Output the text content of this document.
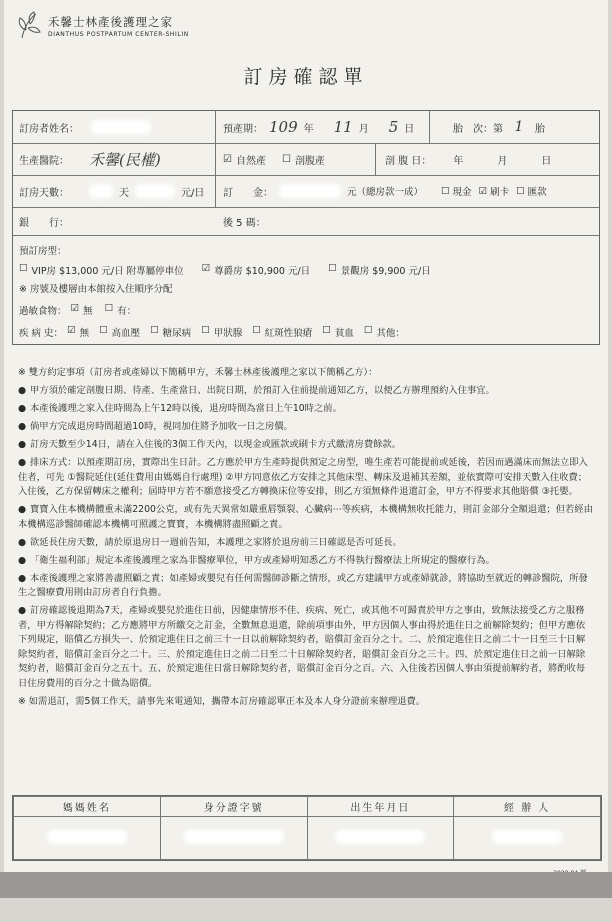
禾馨士林產後護理之家
DIANTHUS POSTPARTUM CENTER-SHILIN
訂房確認單
訂房者姓名：	預產期： 109 年 11 月 5 日	胎　次：第 1	胎
生產醫院： 禾馨(民權)	☑ 自然產 ☐ 剖腹產	剖 腹 日： 年	月	日
訂房天數：	天	元/日 訂　　金：	元（總房款一成） ☐ 現金 ☑ 刷卡 ☐ 匯款
銀　　行：	後 5 碼：
預訂房型：
☐ VIP房 $13,000 元/日 附專屬停車位 ☑ 尊爵房 $10,900 元/日 ☐ 景觀房 $9,900 元/日
※ 房號及樓層由本館按入住順序分配
過敏食物： ☑ 無 ☐ 有：
疾 病 史： ☑ 無 ☐ 高血壓 ☐ 糖尿病 ☐ 甲狀腺 ☐ 紅斑性狼瘡 ☐ 貧血 ☐ 其他：

※ 雙方約定事項（訂房者或產婦以下簡稱甲方，禾馨士林產後護理之家以下簡稱乙方）：

● 甲方須於確定剖腹日期、待產、生產當日、出院日期，於預訂入住前提前通知乙方，以便乙方辦理預約入住事宜。

● 本產後護理之家入住時間為上午12時以後，退房時間為當日上午10時之前。

● 倘甲方完成退房時間超過10時，視同加住將予加收一日之房價。

● 訂房天數至少14日，請在入住後的3個工作天內，以現金或匯款或刷卡方式繳清房費餘款。

● 排床方式：以預產期訂房，實際出生日計。乙方應於甲方生產時提供預定之房型，唯生產若可能提前或延後，若因而遇滿床而無法立即入住者，可先 ①醫院延住(延住費用由媽媽自行處理) ②甲方同意依乙方安排之其他床型、轉床及退補其差額，並依實際可安排天數入住收費；入住後，乙方保留轉床之權利；屆時甲方若不願意接受乙方轉換床位等安排，則乙方須無條件退還訂金，甲方不得要求其他賠償 ③托嬰。

● 寶寶入住本機構體重未滿2200公克，或有先天異常如嚴重唇顎裂、心臟病⋯等疾病，本機構無收托能力，則訂金部分全額退還；但若經由本機構巡診醫師確認本機構可照護之寶寶，本機構將盡照顧之責。

● 欲延長住房天數，請於原退房日一週前告知，本護理之家將於退房前三日確認是否可延長。

● 「衛生福利部」規定本產後護理之家為非醫療單位，甲方或產婦明知悉乙方不得執行醫療法上所規定的醫療行為。

● 本產後護理之家將善盡照顧之責；如產婦或嬰兒有任何需醫師診斷之情形，或乙方建議甲方或產婦就診，將協助至就近的轉診醫院，所發生之醫療費用則由訂房者自行負擔。

● 訂房確認後退期為7天，產婦或嬰兒於進住日前，因健康情形不佳、疾病、死亡，或其他不可歸責於甲方之事由，致無法接受乙方之服務者，甲方得解除契約；乙方應將甲方所繳交之訂金，全數無息退還，除前項事由外，甲方因個人事由得於進住日之前解除契約；但甲方應依下列規定，賠償乙方損失一、於預定進住日之前三十一日以前解除契約者，賠償訂金百分之十。二、於預定進住日之前二十一日至三十日解除契約者，賠償訂金百分之二十。三、於預定進住日之前二日至二十日解除契約者，賠償訂金百分之三十。四、於預定進住日之前一日解除契約者，賠償訂金百分之五十。五、於預定進住日當日解除契約者，賠償訂金百分之百。六、入住後若因個人事由須提前解約者，將酌收每日住房費用的百分之十做為賠償。

※ 如需退訂，需5個工作天，請事先來電通知，攜帶本訂房確認單正本及本人身分證前來辦理退費。

媽媽姓名	身分證字號	出生年月日	經 辦 人
